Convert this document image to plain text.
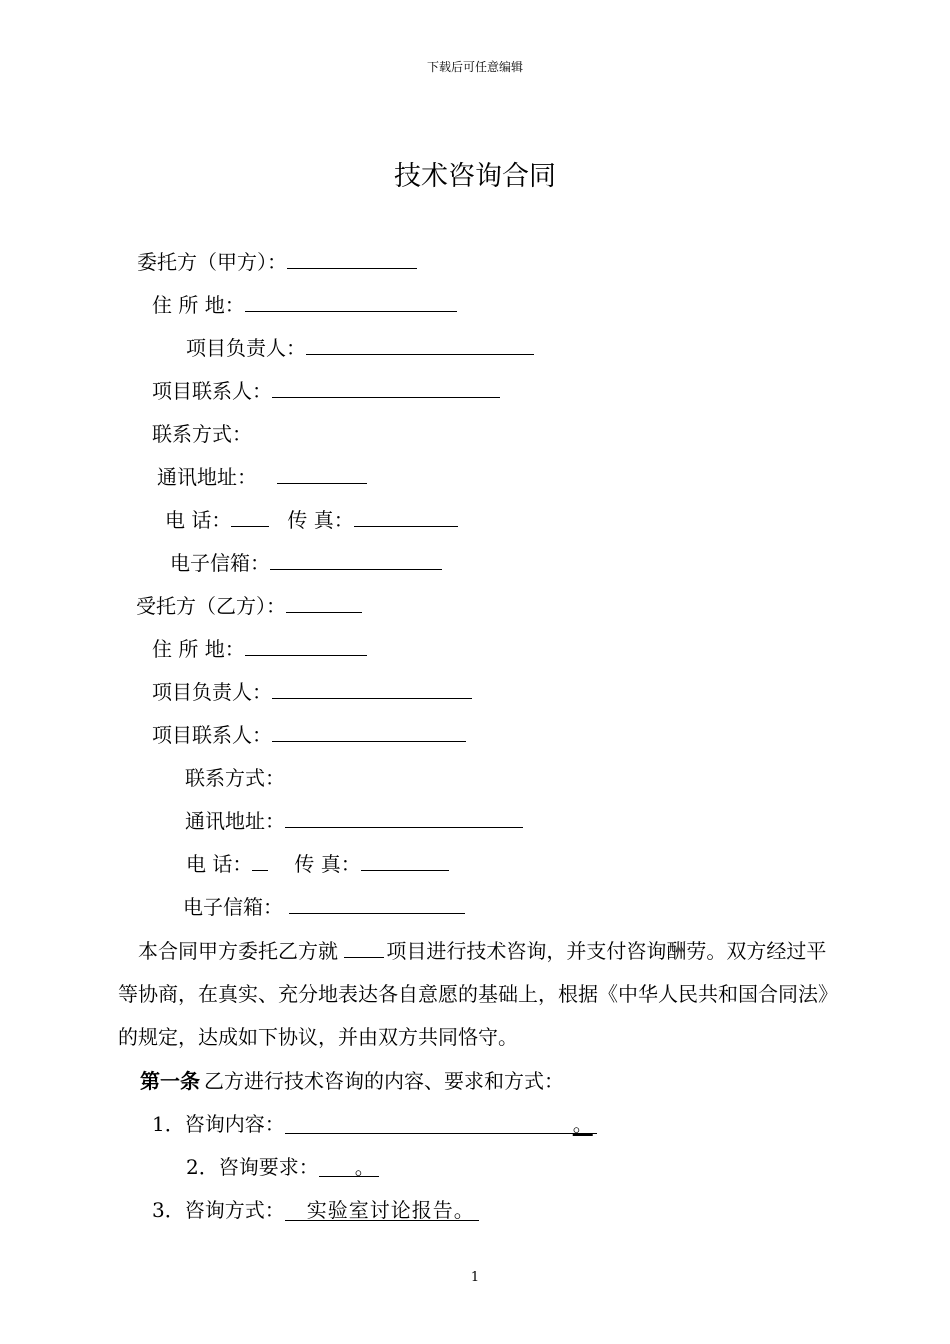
下载后可任意编辑
技术咨询合同
委托方（甲方）：
住 所 地：
项目负责人：
项目联系人：
联系方式：
通讯地址：
电 话：	传 真：
电子信箱：
受托方（乙方）：
住 所 地：
项目负责人：
项目联系人：
联系方式：
通讯地址：
电 话： 传 真：
电子信箱：
本合同甲方委托乙方就 项目进行技术咨询，并支付咨询酬劳。双方经过平等协商，在真实、充分地表达各自意愿的基础上，根据《中华人民共和国合同法》的规定，达成如下协议，并由双方共同恪守。
第一条 乙方进行技术咨询的内容、要求和方式：
1．咨询内容：	。
2．咨询要求： 。
3．咨询方式： 实验室讨论报告。
1
